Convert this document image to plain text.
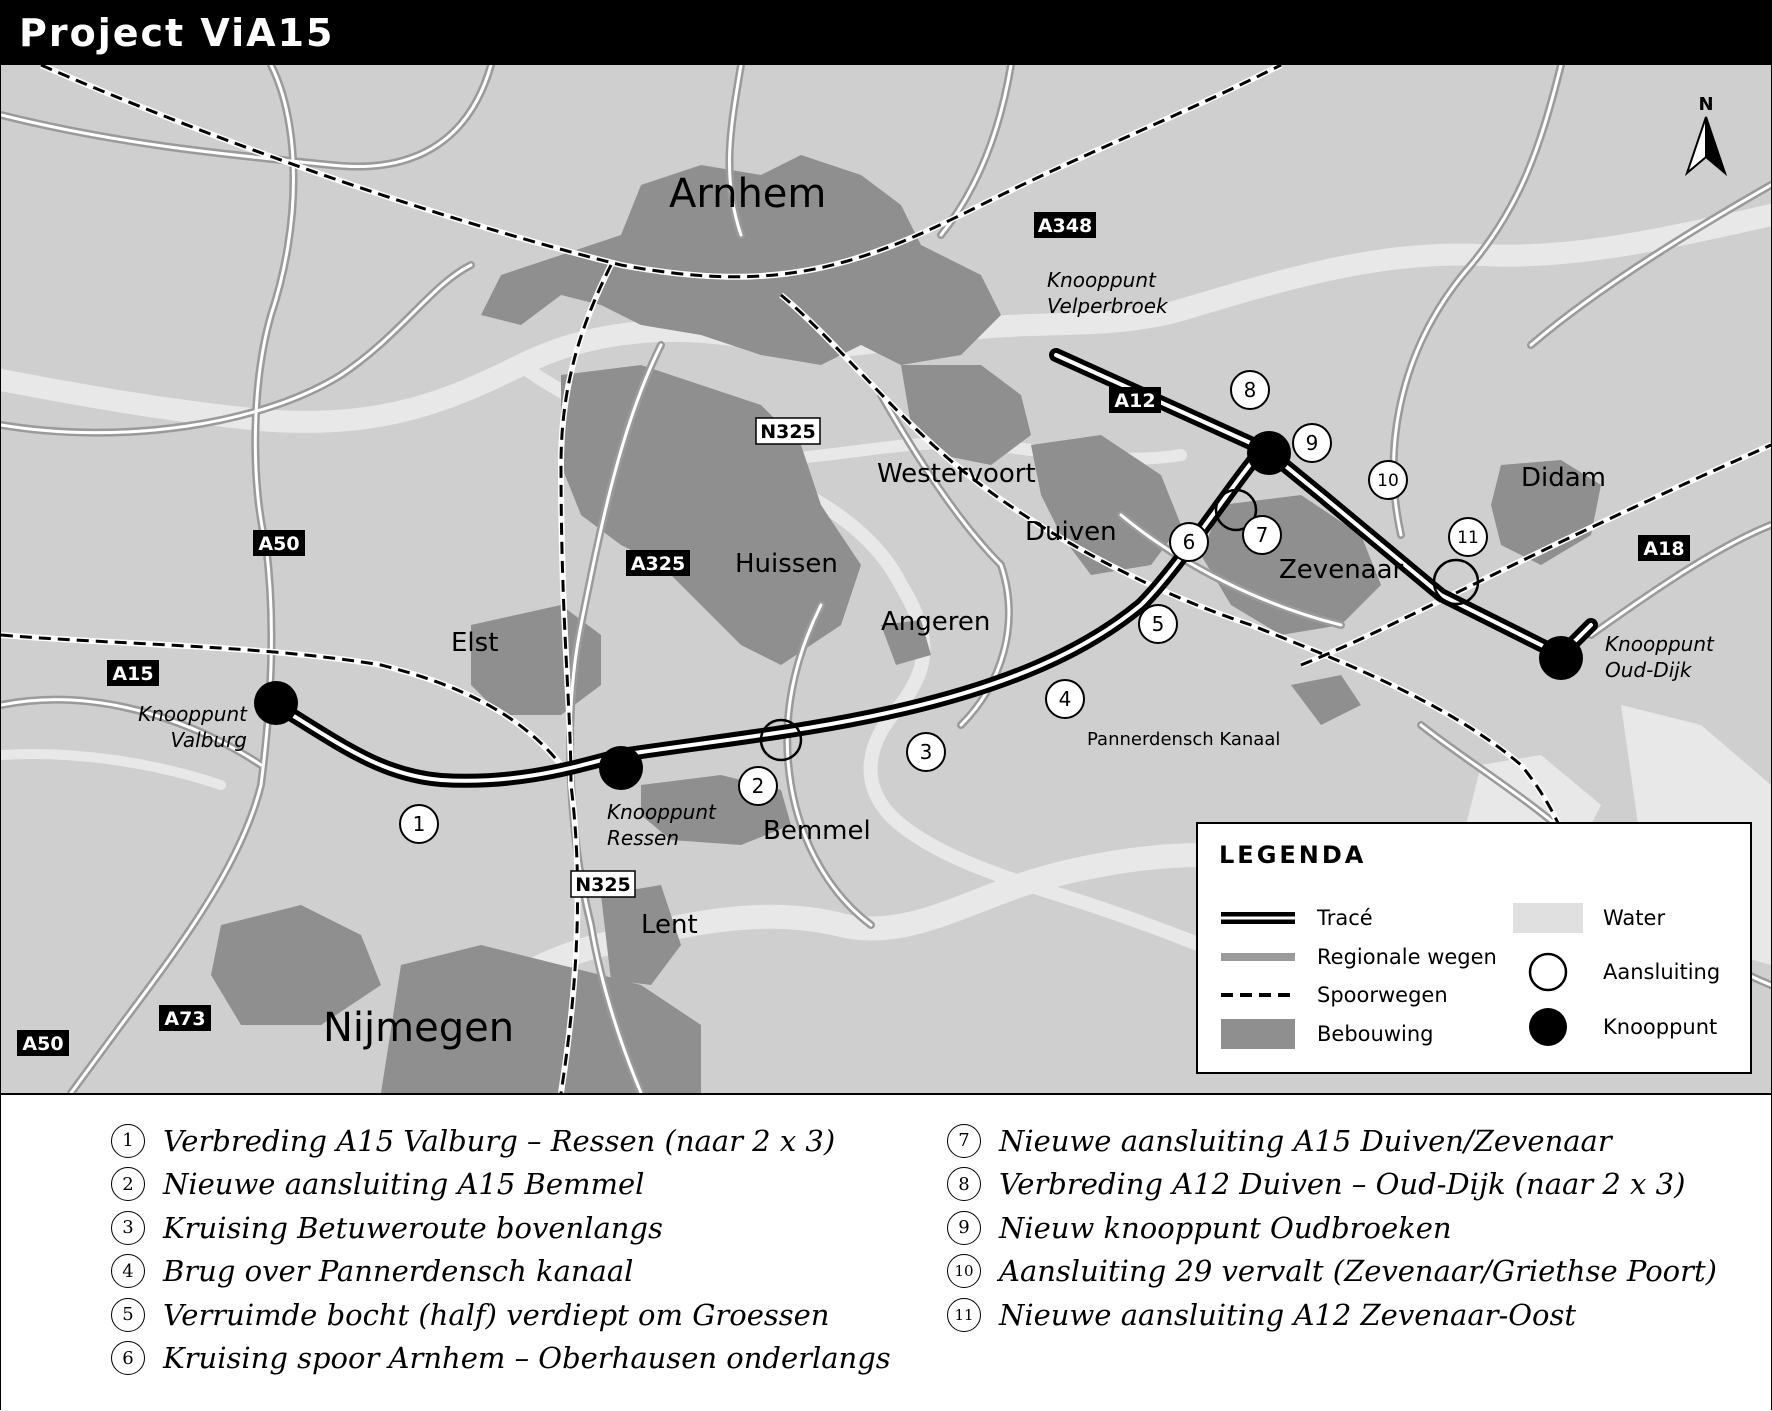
Project ViA15
1
2
3
4
5
6	7
8
9
10
11
A348
A12
N325
A325
A50
A15
A18
N325
A73
A50
Arnhem
Nijmegen
Westervoort
Duiven
Zevenaar
Didam
Huissen
Angeren
Elst
Bemmel
Lent
Knooppunt
Velperbroek
Knooppunt
Valburg
Knooppunt
Ressen
Knooppunt
Oud-Dijk
Pannerdensch Kanaal
N
LEGENDA
Tracé
Regionale wegen
Spoorwegen
Bebouwing
Water
Aansluiting
Knooppunt
1	Verbreding A15 Valburg – Ressen (naar 2 x 3)
2	Nieuwe aansluiting A15 Bemmel
3	Kruising Betuweroute bovenlangs
4	Brug over Pannerdensch kanaal
5	Verruimde bocht (half) verdiept om Groessen
6	Kruising spoor Arnhem – Oberhausen onderlangs
7	Nieuwe aansluiting A15 Duiven/Zevenaar
8	Verbreding A12 Duiven – Oud-Dijk (naar 2 x 3)
9	Nieuw knooppunt Oudbroeken
10 Aansluiting 29 vervalt (Zevenaar/Griethse Poort)
11 Nieuwe aansluiting A12 Zevenaar-Oost
